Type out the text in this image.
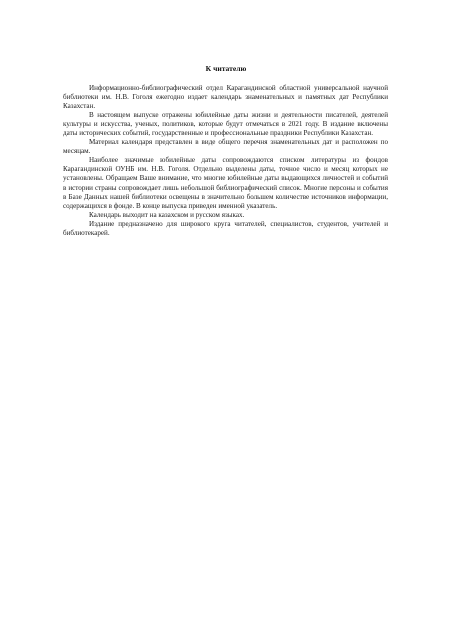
К читателю

Информационно-библиографический отдел Карагандинской областной универсальной научной библиотеки им. Н.В. Гоголя ежегодно издает календарь знаменательных и памятных дат Республики Казахстан.

В настоящем выпуске отражены юбилейные даты жизни и деятельности писателей, деятелей культуры и искусства, ученых, политиков, которые будут отмечаться в 2021 году. В издание включены даты исторических событий, государственные и профессиональные праздники Республики Казахстан.

Материал календаря представлен в виде общего перечня знаменательных дат и расположен по месяцам.

Наиболее значимые юбилейные даты сопровождаются списком литературы из фондов Карагандинской ОУНБ им. Н.В. Гоголя. Отдельно выделены даты, точное число и месяц которых не установлены. Обращаем Ваше внимание, что многие юбилейные даты выдающихся личностей и событий в истории страны сопровождает лишь небольшой библиографический список. Многие персоны и события в Базе Данных нашей библиотеки освещены в значительно большем количестве источников информации, содержащихся в фонде. В конце выпуска приведен именной указатель.

Календарь выходит на казахском и русском языках.

Издание предназначено для широкого круга читателей, специалистов, студентов, учителей и библиотекарей.
